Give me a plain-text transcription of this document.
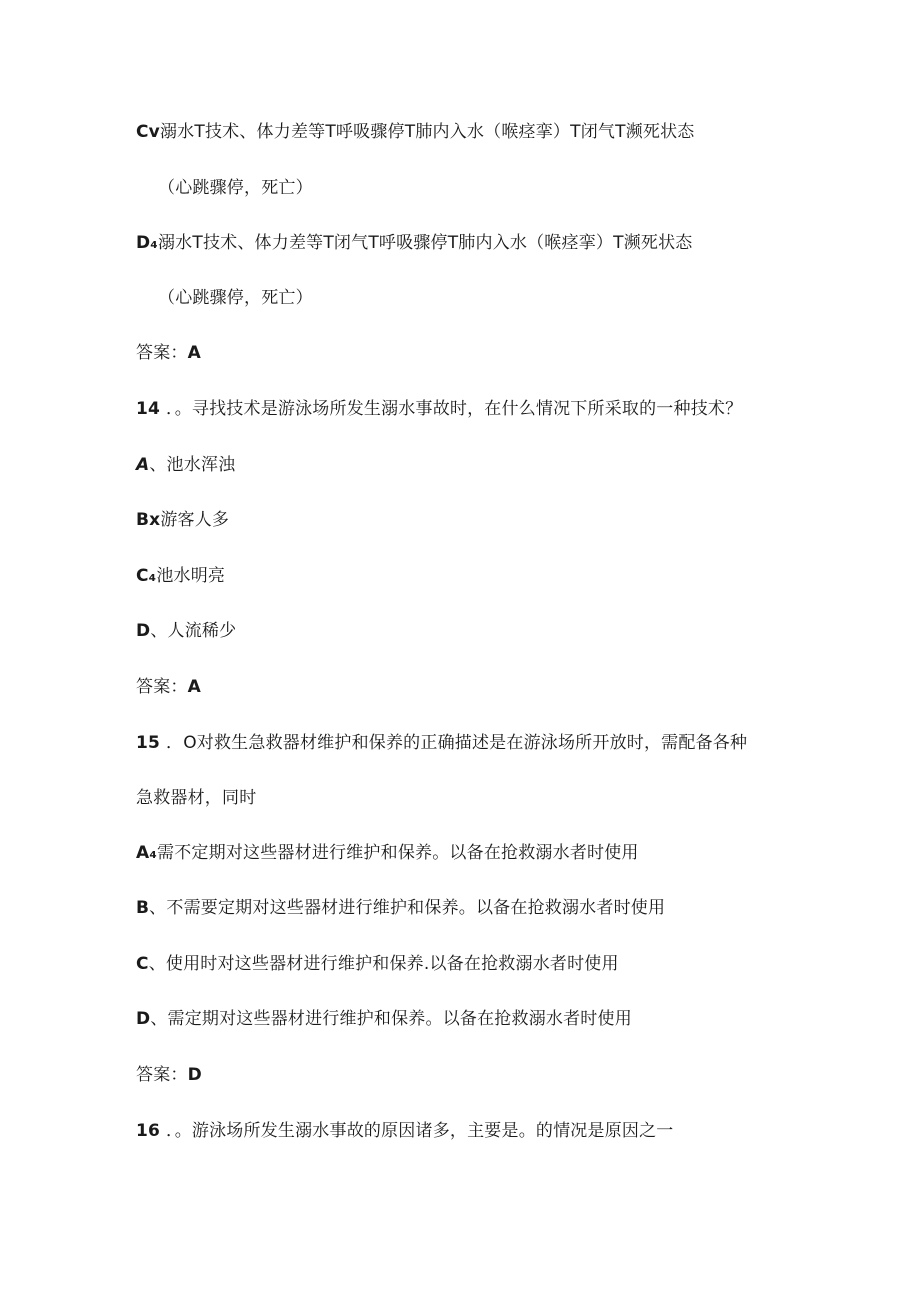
Cv溺水T技术、体力差等T呼吸骤停T肺内入水（喉痉挛）T闭气T濒死状态
（心跳骤停，死亡）
D₄溺水T技术、体力差等T闭气T呼吸骤停T肺内入水（喉痉挛）T濒死状态
（心跳骤停，死亡）
答案：A
14 ．。寻找技术是游泳场所发生溺水事故时，在什么情况下所采取的一种技术？
A、池水浑浊
Bx游客人多
C₄池水明亮
D、人流稀少
答案：A
15 ．O对救生急救器材维护和保养的正确描述是在游泳场所开放时，需配备各种
急救器材，同时
A₄需不定期对这些器材进行维护和保养。以备在抢救溺水者时使用
B、不需要定期对这些器材进行维护和保养。以备在抢救溺水者时使用
C、使用时对这些器材进行维护和保养.以备在抢救溺水者时使用
D、需定期对这些器材进行维护和保养。以备在抢救溺水者时使用
答案：D
16 ．。游泳场所发生溺水事故的原因诸多，主要是。的情况是原因之一
